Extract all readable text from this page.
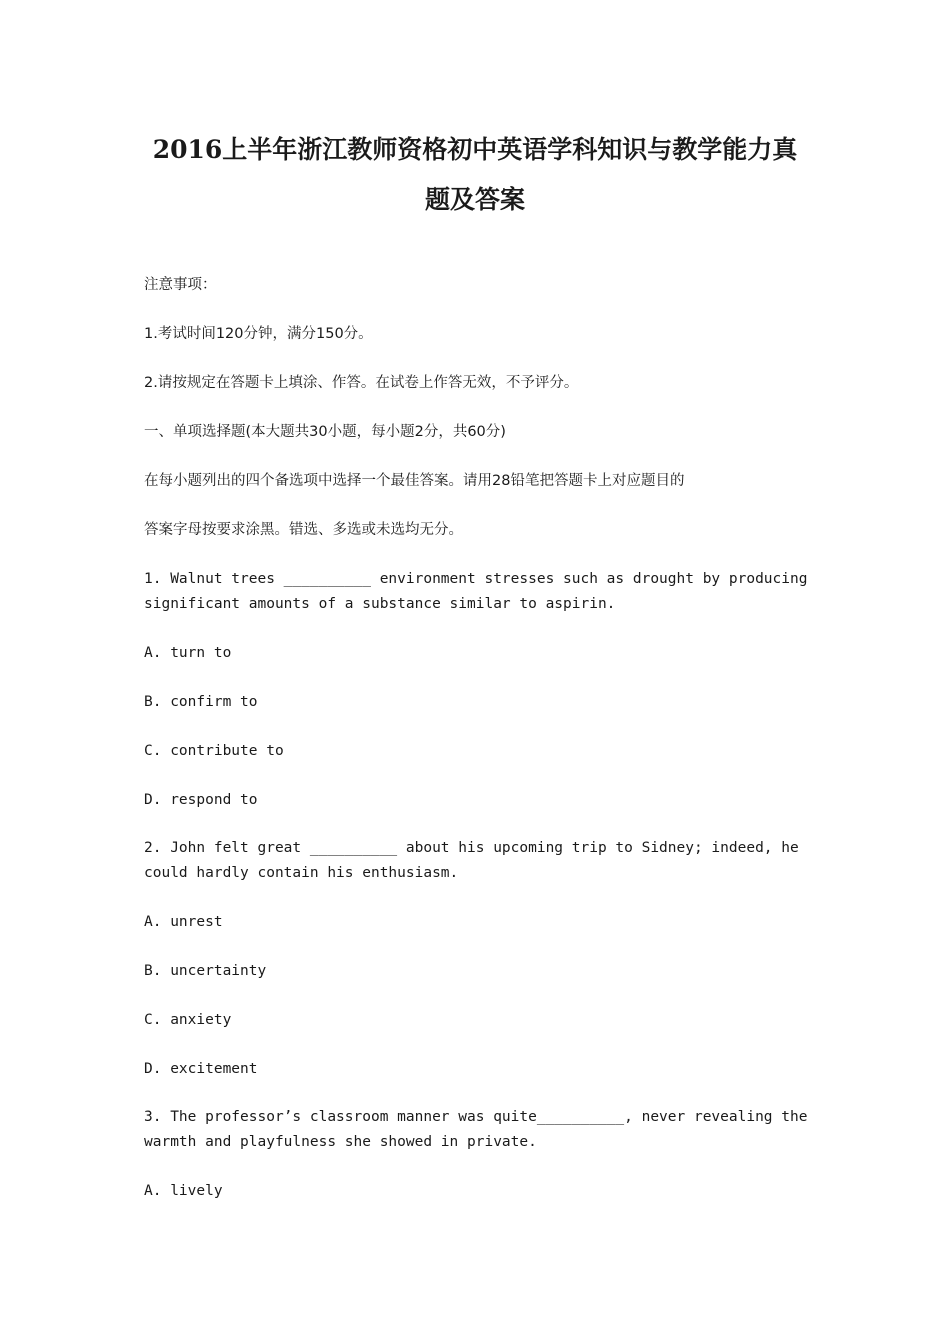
2016上半年浙江教师资格初中英语学科知识与教学能力真
题及答案

注意事项：

1.考试时间120分钟，满分150分。

2.请按规定在答题卡上填涂、作答。在试卷上作答无效，不予评分。

一、单项选择题(本大题共30小题，每小题2分，共60分)

在每小题列出的四个备选项中选择一个最佳答案。请用28铅笔把答题卡上对应题目的

答案字母按要求涂黑。错选、多选或未选均无分。

1. Walnut trees __________ environment stresses such as drought by producing

significant amounts of a substance similar to aspirin.

A. turn to

B. confirm to

C. contribute to

D. respond to

2. John felt great __________ about his upcoming trip to Sidney; indeed, he

could hardly contain his enthusiasm.

A. unrest

B. uncertainty

C. anxiety

D. excitement

3. The professor’s classroom manner was quite__________, never revealing the

warmth and playfulness she showed in private.

A. lively
